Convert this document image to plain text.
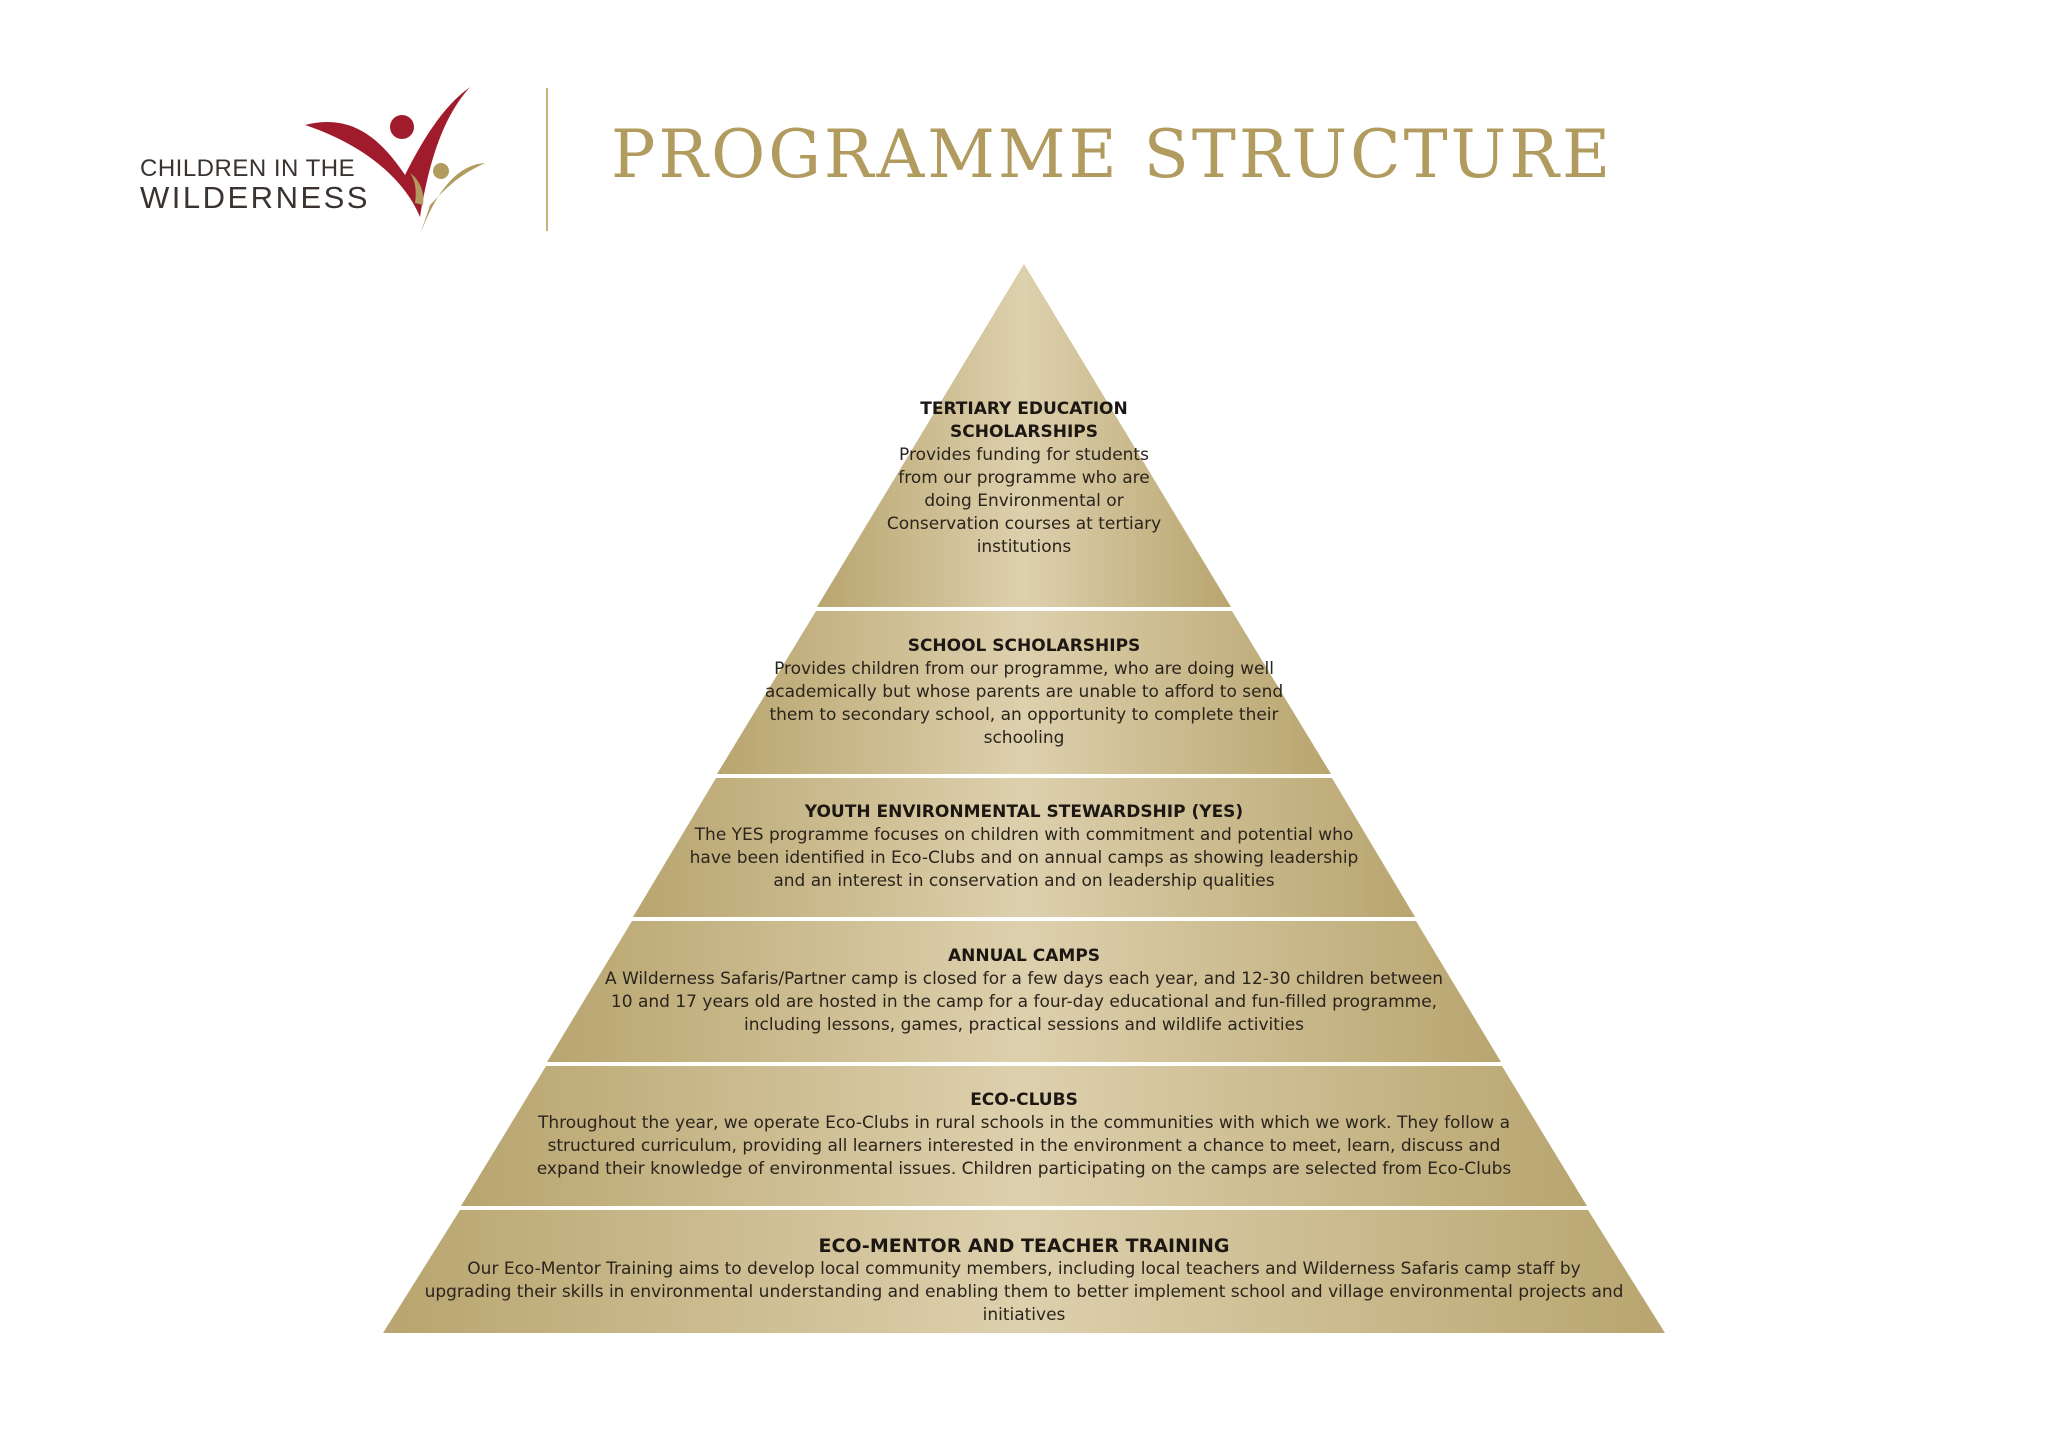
CHILDREN IN THE
WILDERNESS
PROGRAMME STRUCTURE
TERTIARY EDUCATION SCHOLARSHIPS
Provides funding for students from our programme who are doing Environmental or Conservation courses at tertiary institutions
SCHOOL SCHOLARSHIPS
Provides children from our programme, who are doing well academically but whose parents are unable to afford to send them to secondary school, an opportunity to complete their schooling
YOUTH ENVIRONMENTAL STEWARDSHIP (YES)
The YES programme focuses on children with commitment and potential who have been identified in Eco-Clubs and on annual camps as showing leadership and an interest in conservation and on leadership qualities
ANNUAL CAMPS
A Wilderness Safaris/Partner camp is closed for a few days each year, and 12-30 children between 10 and 17 years old are hosted in the camp for a four-day educational and fun-filled programme, including lessons, games, practical sessions and wildlife activities
ECO-CLUBS
Throughout the year, we operate Eco-Clubs in rural schools in the communities with which we work. They follow a structured curriculum, providing all learners interested in the environment a chance to meet, learn, discuss and expand their knowledge of environmental issues. Children participating on the camps are selected from Eco-Clubs
ECO-MENTOR AND TEACHER TRAINING
Our Eco-Mentor Training aims to develop local community members, including local teachers and Wilderness Safaris camp staff by upgrading their skills in environmental understanding and enabling them to better implement school and village environmental projects and initiatives
